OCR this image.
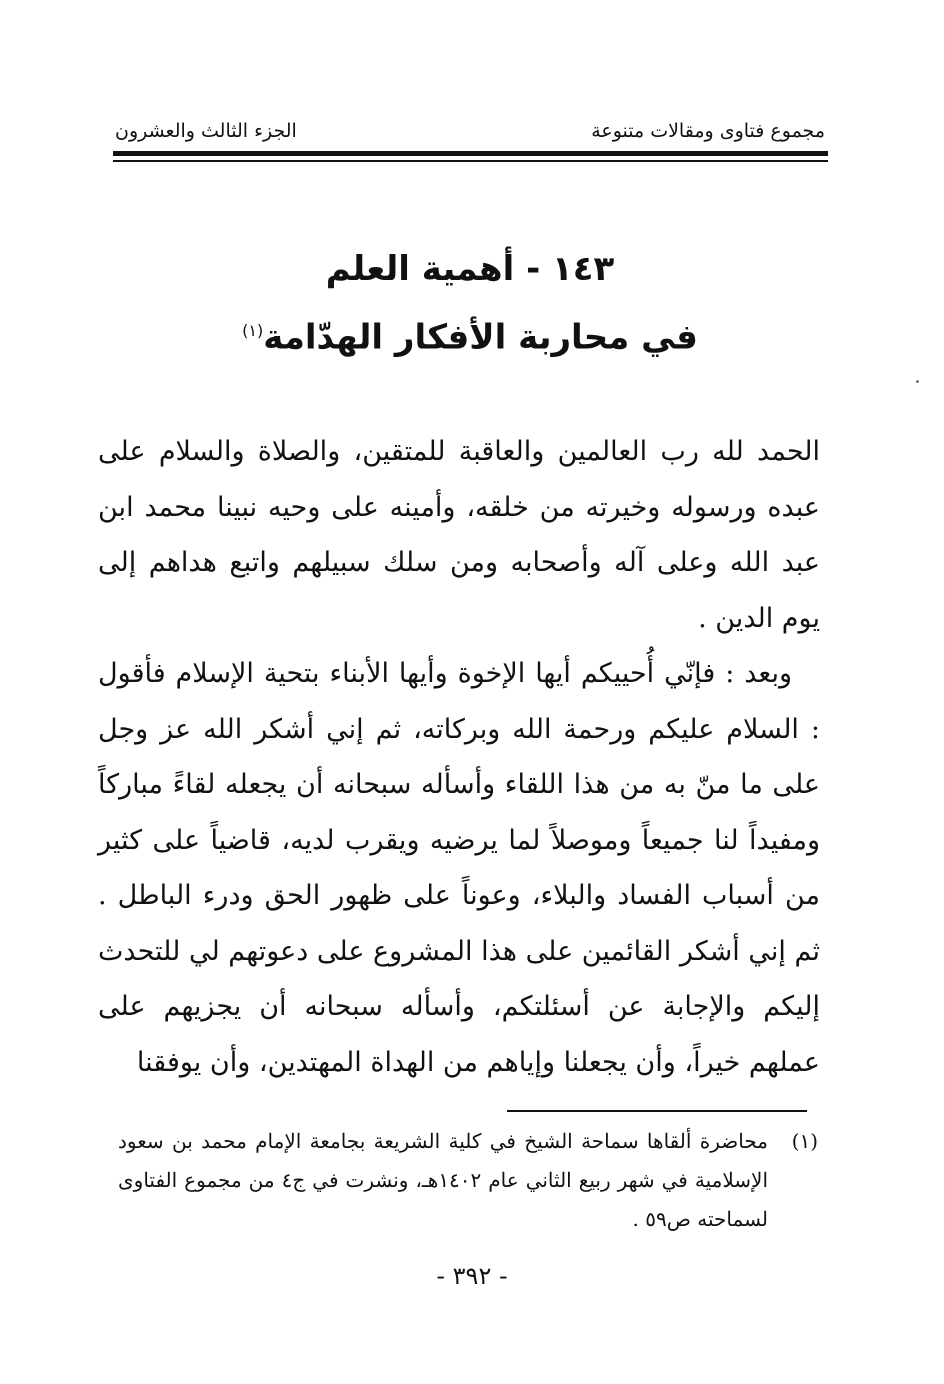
مجموع فتاوى ومقالات متنوعة
الجزء الثالث والعشرون
١٤٣ - أهمية العلم
في محاربة الأفكار الهدّامة$^{(١)}$

الحمد لله رب العالمين والعاقبة للمتقين، والصلاة والسلام على عبده ورسوله وخيرته من خلقه، وأمينه على وحيه نبينا محمد ابن عبد الله وعلى آله وأصحابه ومن سلك سبيلهم واتبع هداهم إلى يوم الدين .

وبعد : فإنّي أُحييكم أيها الإخوة وأيها الأبناء بتحية الإسلام فأقول : السلام عليكم ورحمة الله وبركاته، ثم إني أشكر الله عز وجل على ما منّ به من هذا اللقاء وأسأله سبحانه أن يجعله لقاءً مباركاً ومفيداً لنا جميعاً وموصلاً لما يرضيه ويقرب لديه، قاضياً على كثير من أسباب الفساد والبلاء، وعوناً على ظهور الحق ودرء الباطل . ثم إني أشكر القائمين على هذا المشروع على دعوتهم لي للتحدث إليكم والإجابة عن أسئلتكم، وأسأله سبحانه أن يجزيهم على عملهم خيراً، وأن يجعلنا وإياهم من الهداة المهتدين، وأن يوفقنا

(١)
محاضرة ألقاها سماحة الشيخ في كلية الشريعة بجامعة الإمام محمد بن سعود الإسلامية في شهر ربيع الثاني عام ١٤٠٢هـ، ونشرت في ج٤ من مجموع الفتاوى لسماحته ص٥٩ .
- ٣٩٢ -
